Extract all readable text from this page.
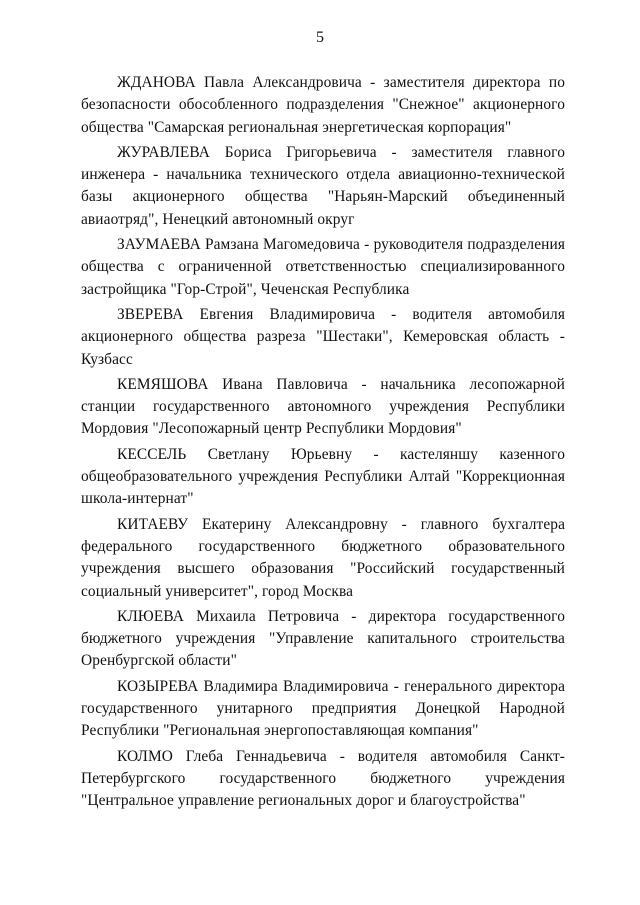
5

ЖДАНОВА Павла Александровича - заместителя директора по безопасности обособленного подразделения "Снежное" акционерного общества "Самарская региональная энергетическая корпорация"

ЖУРАВЛЕВА Бориса Григорьевича - заместителя главного инженера - начальника технического отдела авиационно-технической базы акционерного общества "Нарьян-Марский объединенный авиаотряд", Ненецкий автономный округ

ЗАУМАЕВА Рамзана Магомедовича - руководителя подразделения общества с ограниченной ответственностью специализированного застройщика "Гор-Строй", Чеченская Республика

ЗВЕРЕВА Евгения Владимировича - водителя автомобиля акционерного общества разреза "Шестаки", Кемеровская область - Кузбасс

КЕМЯШОВА Ивана Павловича - начальника лесопожарной станции государственного автономного учреждения Республики Мордовия "Лесопожарный центр Республики Мордовия"

КЕССЕЛЬ Светлану Юрьевну - кастеляншу казенного общеобразовательного учреждения Республики Алтай "Коррекционная школа-интернат"

КИТАЕВУ Екатерину Александровну - главного бухгалтера федерального государственного бюджетного образовательного учреждения высшего образования "Российский государственный социальный университет", город Москва

КЛЮЕВА Михаила Петровича - директора государственного бюджетного учреждения "Управление капитального строительства Оренбургской области"

КОЗЫРЕВА Владимира Владимировича - генерального директора государственного унитарного предприятия Донецкой Народной Республики "Региональная энергопоставляющая компания"

КОЛМО Глеба Геннадьевича - водителя автомобиля Санкт-Петербургского государственного бюджетного учреждения "Центральное управление региональных дорог и благоустройства"
